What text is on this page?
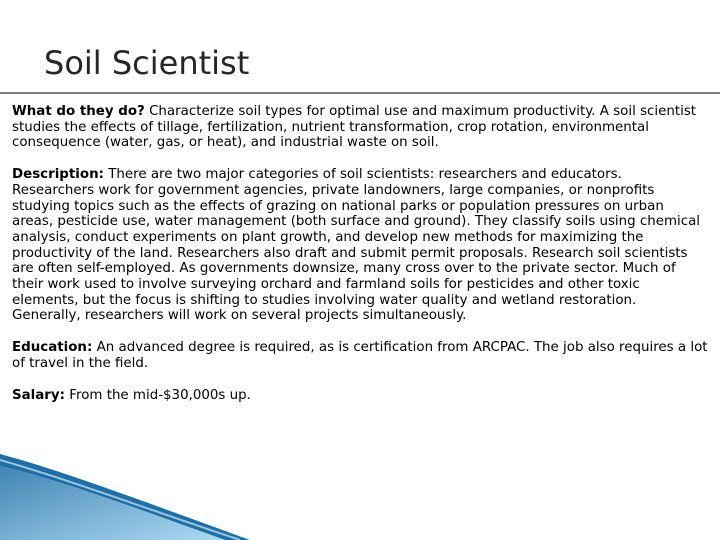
Soil Scientist

What do they do? Characterize soil types for optimal use and maximum productivity. A soil scientist studies the effects of tillage, fertilization, nutrient transformation, crop rotation, environmental consequence (water, gas, or heat), and industrial waste on soil.

Description: There are two major categories of soil scientists: researchers and educators. Researchers work for government agencies, private landowners, large companies, or nonprofits studying topics such as the effects of grazing on national parks or population pressures on urban areas, pesticide use, water management (both surface and ground). They classify soils using chemical analysis, conduct experiments on plant growth, and develop new methods for maximizing the productivity of the land. Researchers also draft and submit permit proposals. Research soil scientists are often self-employed. As governments downsize, many cross over to the private sector. Much of their work used to involve surveying orchard and farmland soils for pesticides and other toxic elements, but the focus is shifting to studies involving water quality and wetland restoration. Generally, researchers will work on several projects simultaneously.

Education: An advanced degree is required, as is certification from ARCPAC. The job also requires a lot of travel in the field.

Salary: From the mid-$30,000s up.
